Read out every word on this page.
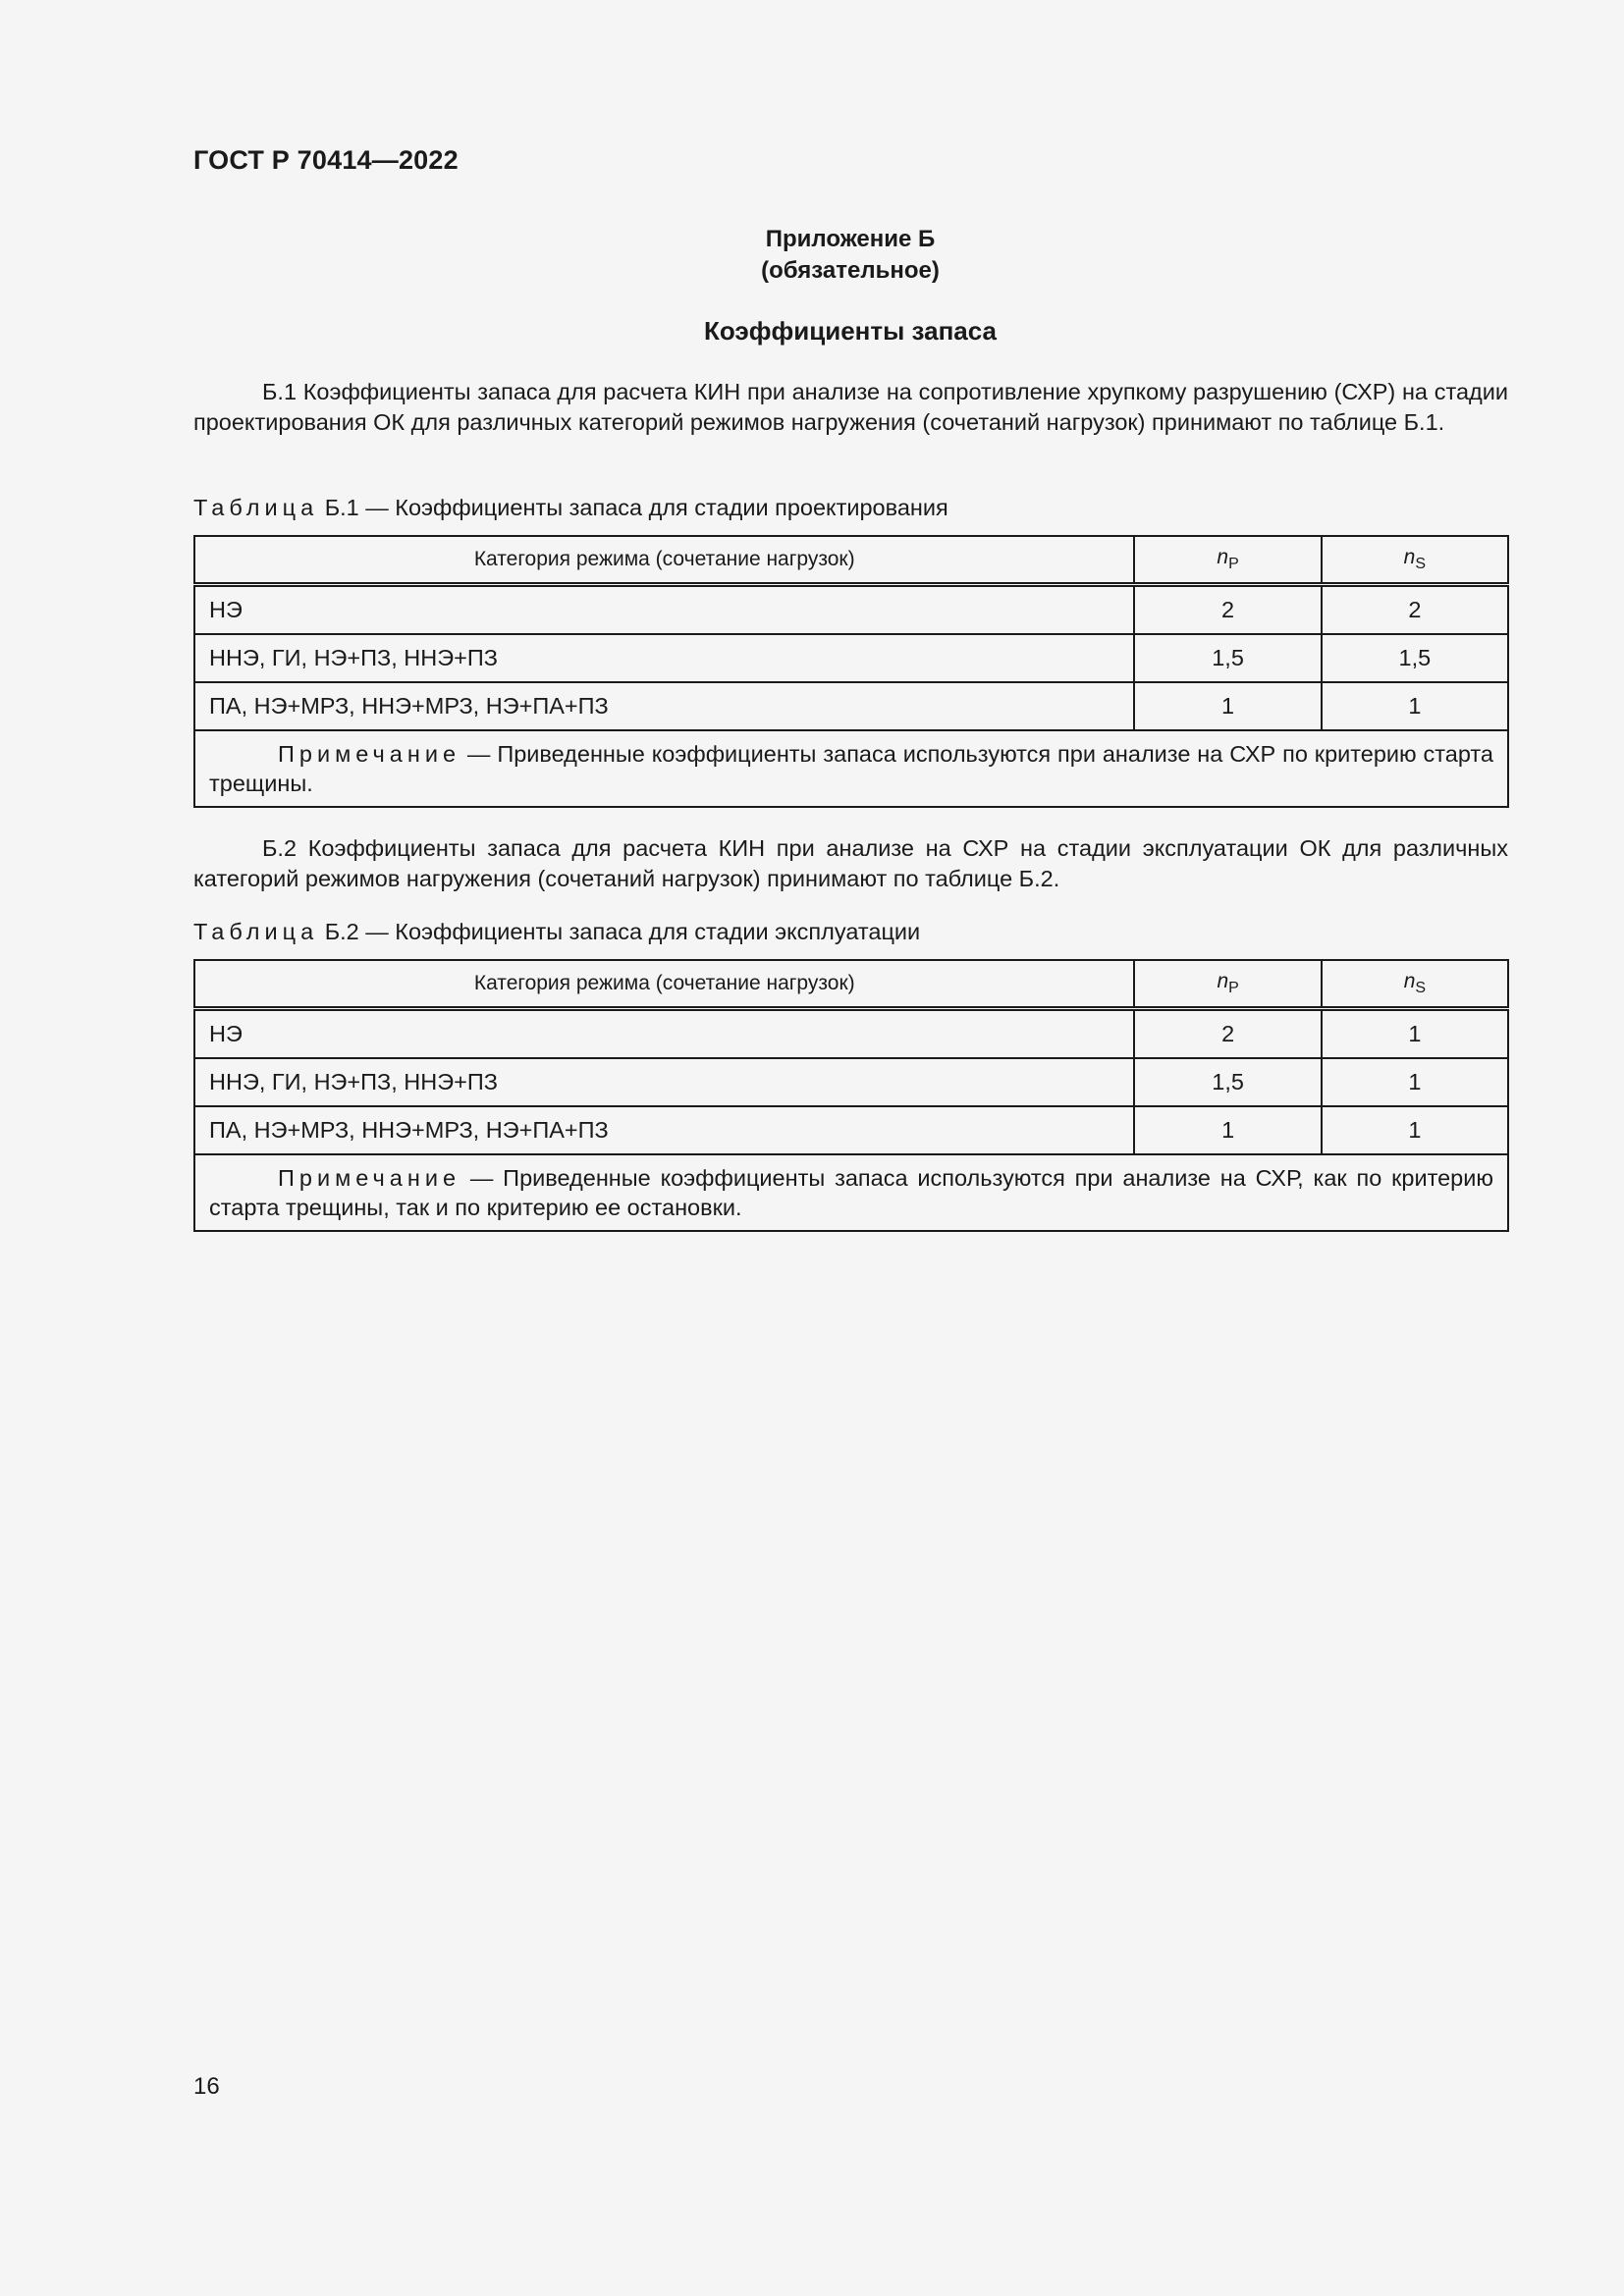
ГОСТ Р 70414—2022
Приложение Б
(обязательное)
Коэффициенты запаса

Б.1 Коэффициенты запаса для расчета КИН при анализе на сопротивление хрупкому разрушению (СХР) на стадии проектирования ОК для различных категорий режимов нагружения (сочетаний нагрузок) принимают по таблице Б.1.

Таблица Б.1 — Коэффициенты запаса для стадии проектирования
Категория режима (сочетание нагрузок)	$n_P$	$n_S$
НЭ	2	2
ННЭ, ГИ, НЭ+ПЗ, ННЭ+ПЗ	1,5	1,5
ПА, НЭ+МРЗ, ННЭ+МРЗ, НЭ+ПА+ПЗ	1	1
Примечание — Приведенные коэффициенты запаса используются при анализе на СХР по критерию старта трещины.		

Б.2 Коэффициенты запаса для расчета КИН при анализе на СХР на стадии эксплуатации ОК для различных категорий режимов нагружения (сочетаний нагрузок) принимают по таблице Б.2.

Таблица Б.2 — Коэффициенты запаса для стадии эксплуатации
Категория режима (сочетание нагрузок)	$n_P$	$n_S$
НЭ	2	1
ННЭ, ГИ, НЭ+ПЗ, ННЭ+ПЗ	1,5	1
ПА, НЭ+МРЗ, ННЭ+МРЗ, НЭ+ПА+ПЗ	1	1
Примечание — Приведенные коэффициенты запаса используются при анализе на СХР, как по критерию старта трещины, так и по критерию ее остановки.		
16
